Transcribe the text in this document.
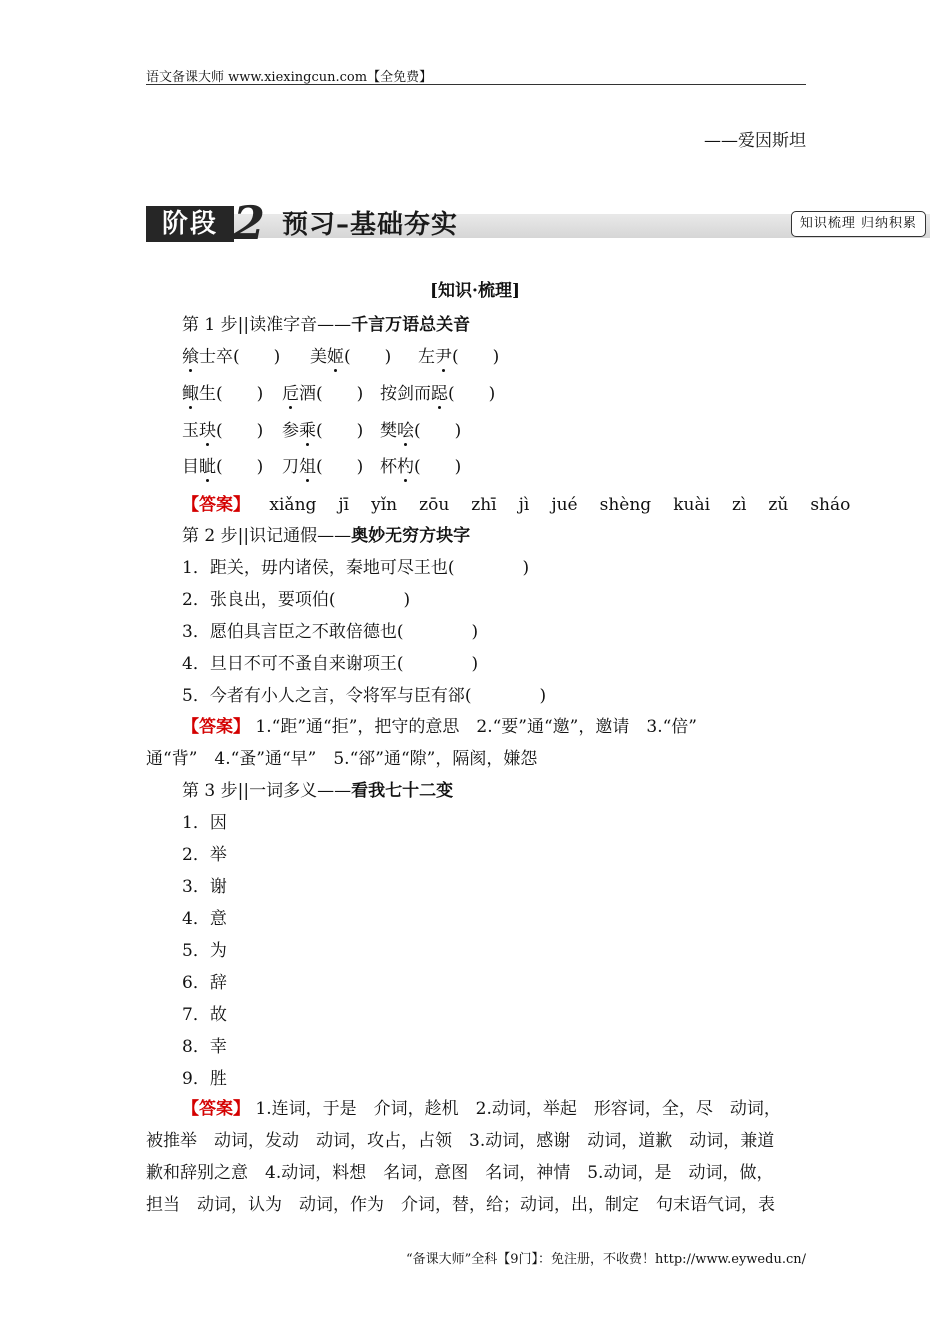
语文备课大师 www.xiexingcun.com【全免费】
——爱因斯坦
阶段 2 预习–基础夯实	知识梳理 归纳积累
[知识·梳理]
第 1 步||读准字音——千言万语总关音
飨士卒(　　) 美姬(　　) 左尹(　　)
鲰生(　　) 卮酒(　　) 按剑而跽(　　)
玉玦(　　) 参乘(　　) 樊哙(　　)
目眦(　　) 刀俎(　　) 杯杓(　　)
【答案】 xiǎng jī yǐn zōu zhī jì jué shèng kuài zì zǔ sháo
第 2 步||识记通假——奥妙无穷方块字
1．距关，毋内诸侯，秦地可尽王也(　　　　)
2．张良出，要项伯(　　　　)
3．愿伯具言臣之不敢倍德也(　　　　)
4．旦日不可不蚤自来谢项王(　　　　)
5．今者有小人之言，令将军与臣有郤(　　　　)
【答案】 1.“距”通“拒”，把守的意思　2.“要”通“邀”，邀请　3.“倍”
通“背”　4.“蚤”通“早”　5.“郤”通“隙”，隔阂，嫌怨
第 3 步||一词多义——看我七十二变
1．因
2．举
3．谢
4．意
5．为
6．辞
7．故
8．幸
9．胜
【答案】 1.连词，于是　介词，趁机　2.动词，举起　形容词，全，尽　动词，
被推举　动词，发动　动词，攻占，占领　3.动词，感谢　动词，道歉　动词，兼道
歉和辞别之意　4.动词，料想　名词，意图　名词，神情　5.动词，是　动词，做，
担当　动词，认为　动词，作为　介词，替，给；动词，出，制定　句末语气词，表
“备课大师”全科【9门】：免注册，不收费！http://www.eywedu.cn/
